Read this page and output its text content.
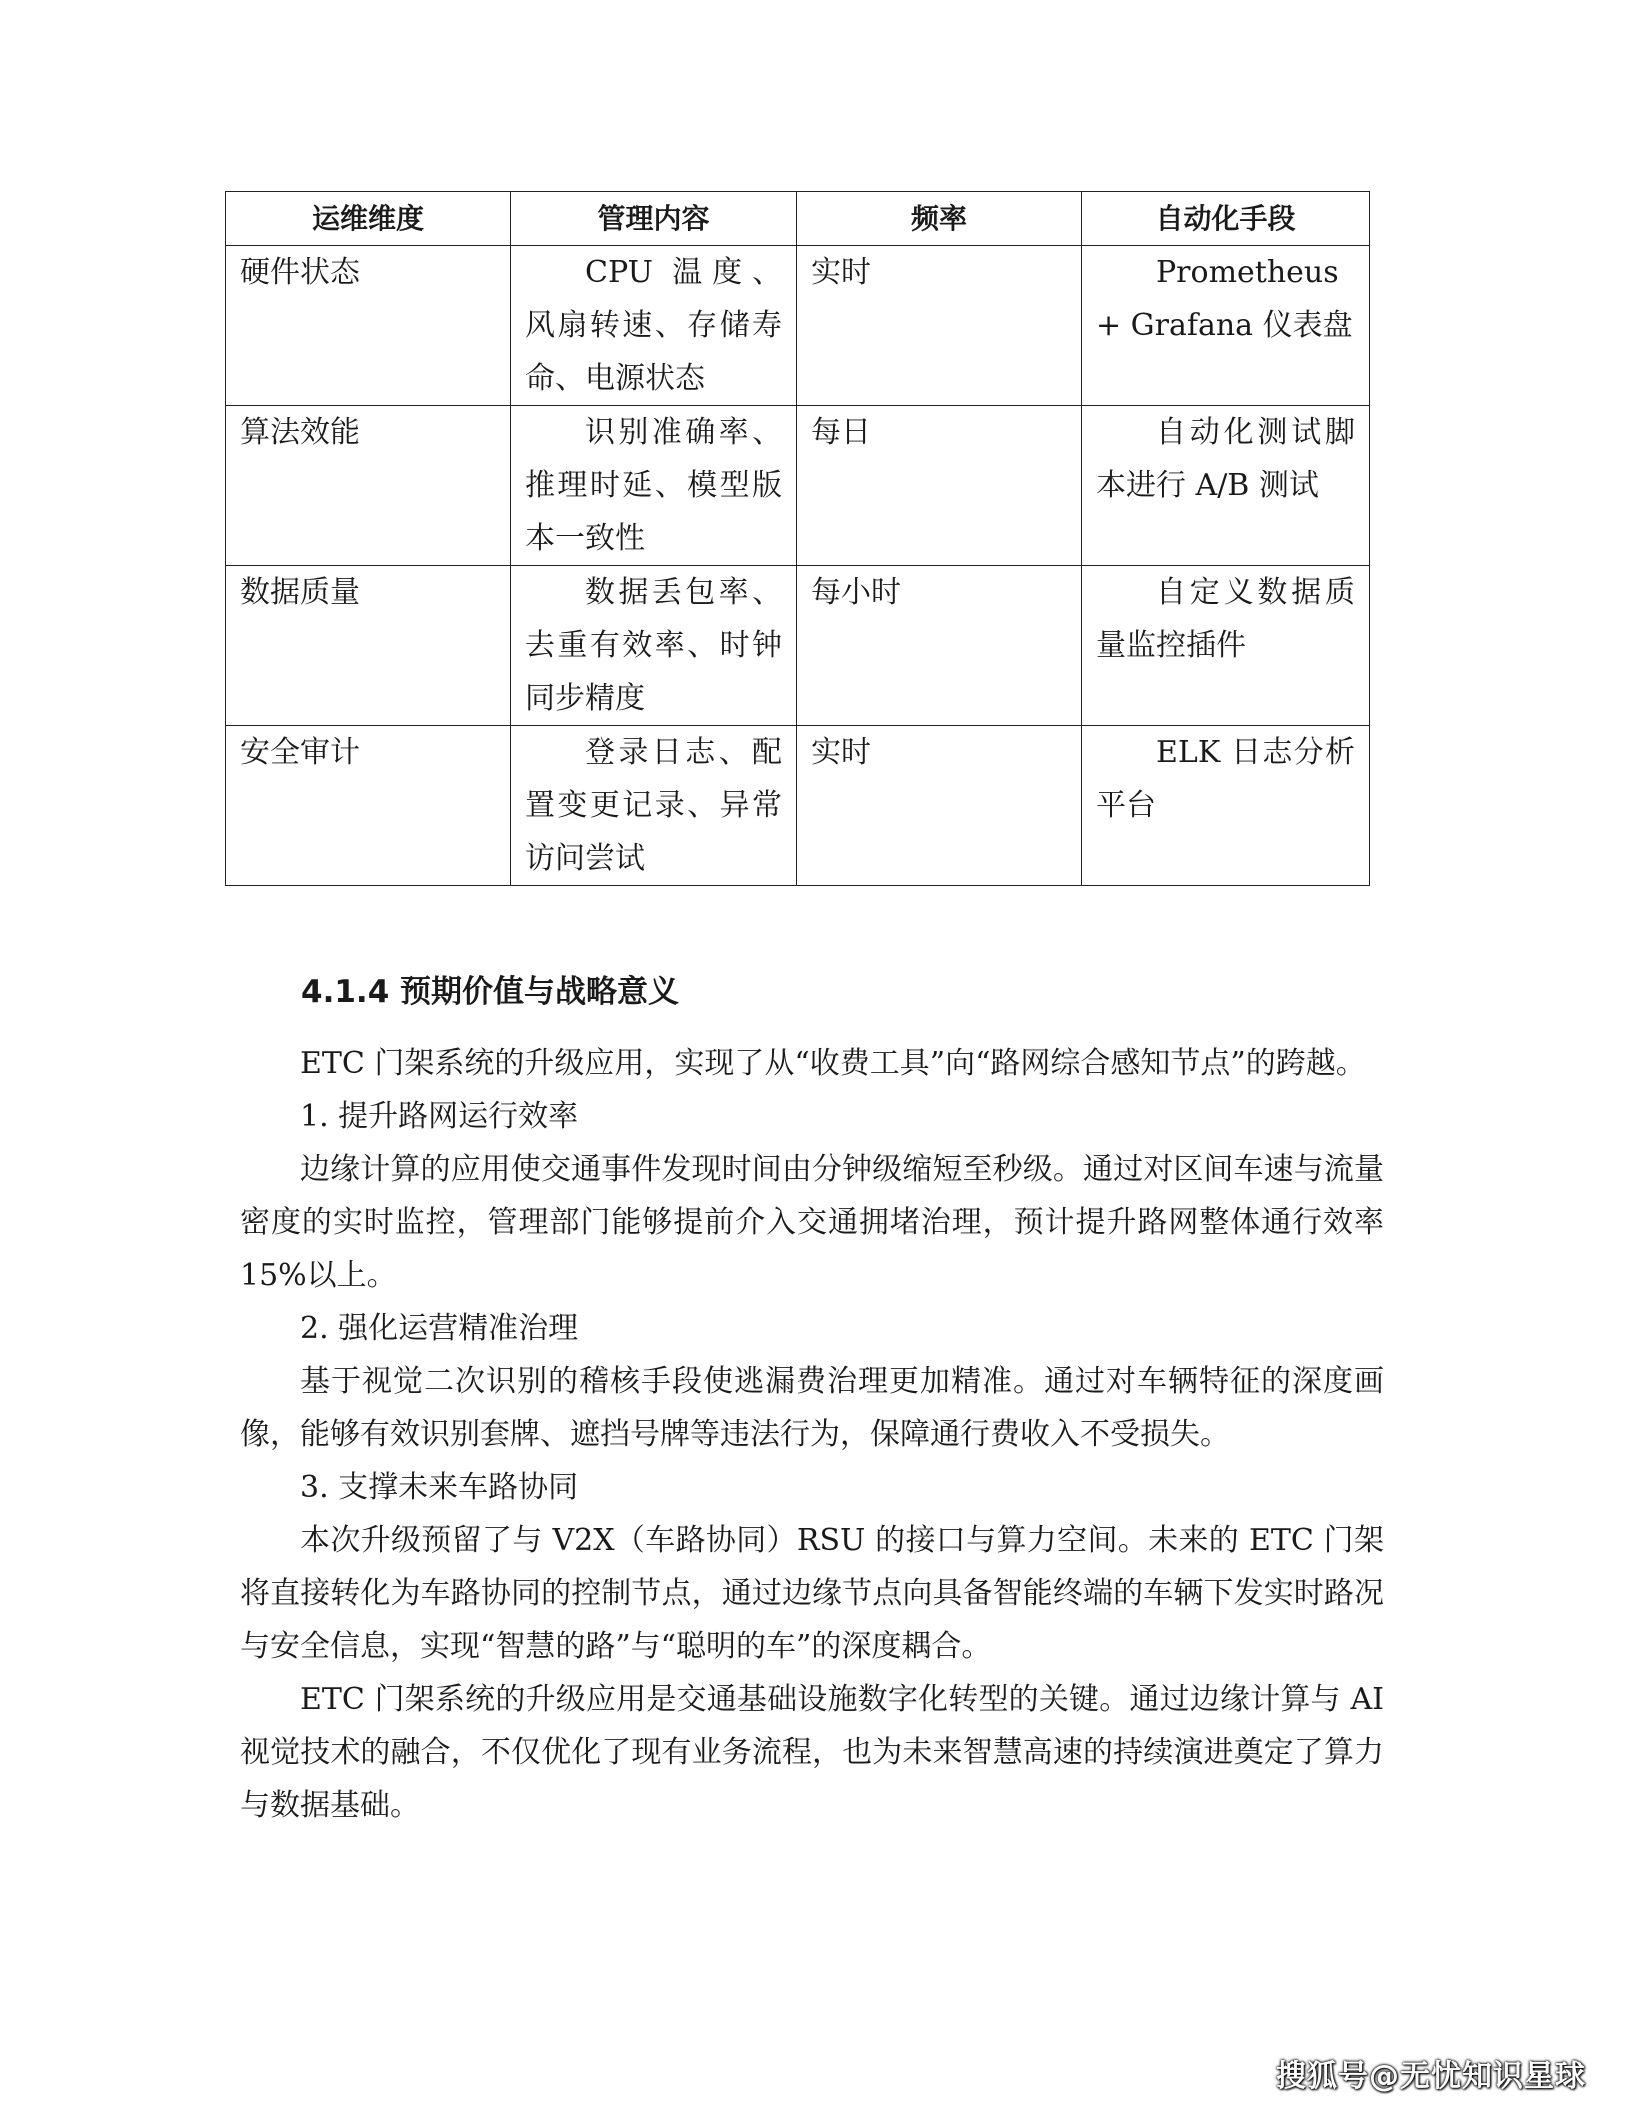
运维维度	管理内容	频率	自动化手段
硬件状态	CPU 温度、风扇转速、存储寿命、电源状态	实时	Prometheus + Grafana 仪表盘
算法效能	识别准确率、推理时延、模型版本一致性	每日	自动化测试脚本进行 A/B 测试
数据质量	数据丢包率、去重有效率、时钟同步精度	每小时	自定义数据质量监控插件
安全审计	登录日志、配置变更记录、异常访问尝试	实时	ELK 日志分析平台
4.1.4 预期价值与战略意义

ETC 门架系统的升级应用，实现了从“收费工具”向“路网综合感知节点”的跨越。

1. 提升路网运行效率

边缘计算的应用使交通事件发现时间由分钟级缩短至秒级。通过对区间车速与流量密度的实时监控，管理部门能够提前介入交通拥堵治理，预计提升路网整体通行效率 15%以上。

2. 强化运营精准治理

基于视觉二次识别的稽核手段使逃漏费治理更加精准。通过对车辆特征的深度画像，能够有效识别套牌、遮挡号牌等违法行为，保障通行费收入不受损失。

3. 支撑未来车路协同

本次升级预留了与 V2X（车路协同）RSU 的接口与算力空间。未来的 ETC 门架将直接转化为车路协同的控制节点，通过边缘节点向具备智能终端的车辆下发实时路况与安全信息，实现“智慧的路”与“聪明的车”的深度耦合。

ETC 门架系统的升级应用是交通基础设施数字化转型的关键。通过边缘计算与 AI 视觉技术的融合，不仅优化了现有业务流程，也为未来智慧高速的持续演进奠定了算力与数据基础。

搜狐号@无忧知识星球
